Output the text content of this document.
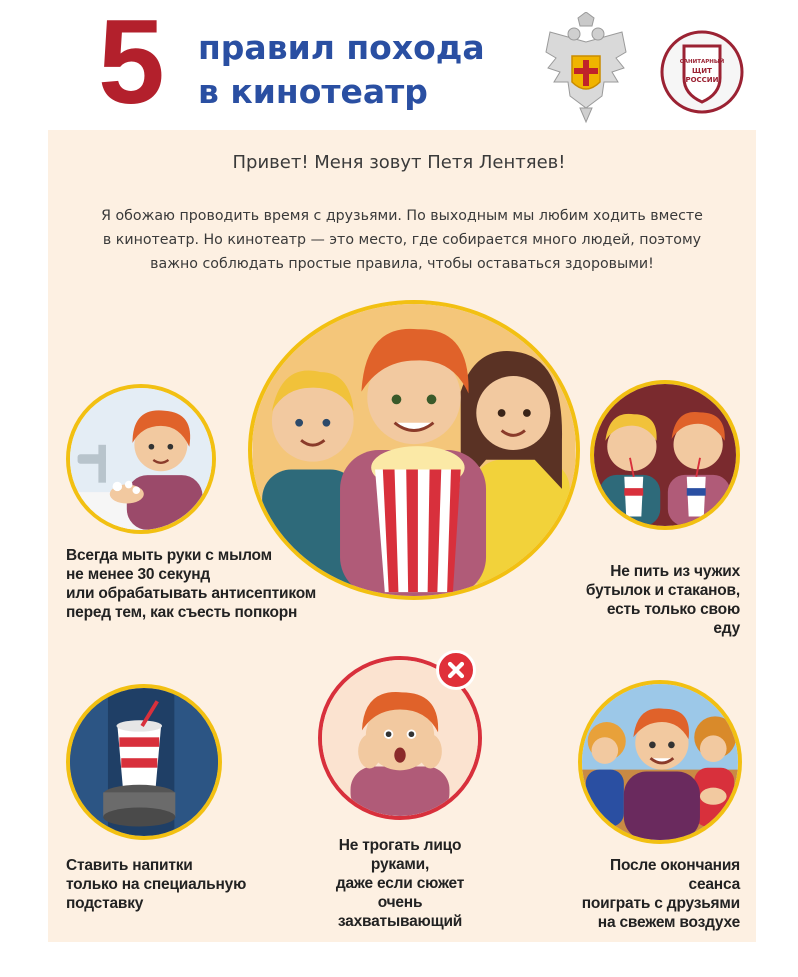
5 правил похода
в кинотеатр
САНИТАРНЫЙ
ЩИТ
РОССИИ
Привет! Меня зовут Петя Лентяев!
Я обожаю проводить время с друзьями. По выходным мы любим ходить вместе
в кинотеатр. Но кинотеатр — это место, где собирается много людей, поэтому
важно соблюдать простые правила, чтобы оставаться здоровыми!
Всегда мыть руки с мылом
не менее 30 секунд
или обрабатывать антисептиком
перед тем, как съесть попкорн
Не пить из чужих
бутылок и стаканов,
есть только свою еду
Ставить напитки
только на специальную
подставку
Не трогать лицо руками,
даже если сюжет
очень захватывающий
После окончания сеанса
поиграть с друзьями
на свежем воздухе
